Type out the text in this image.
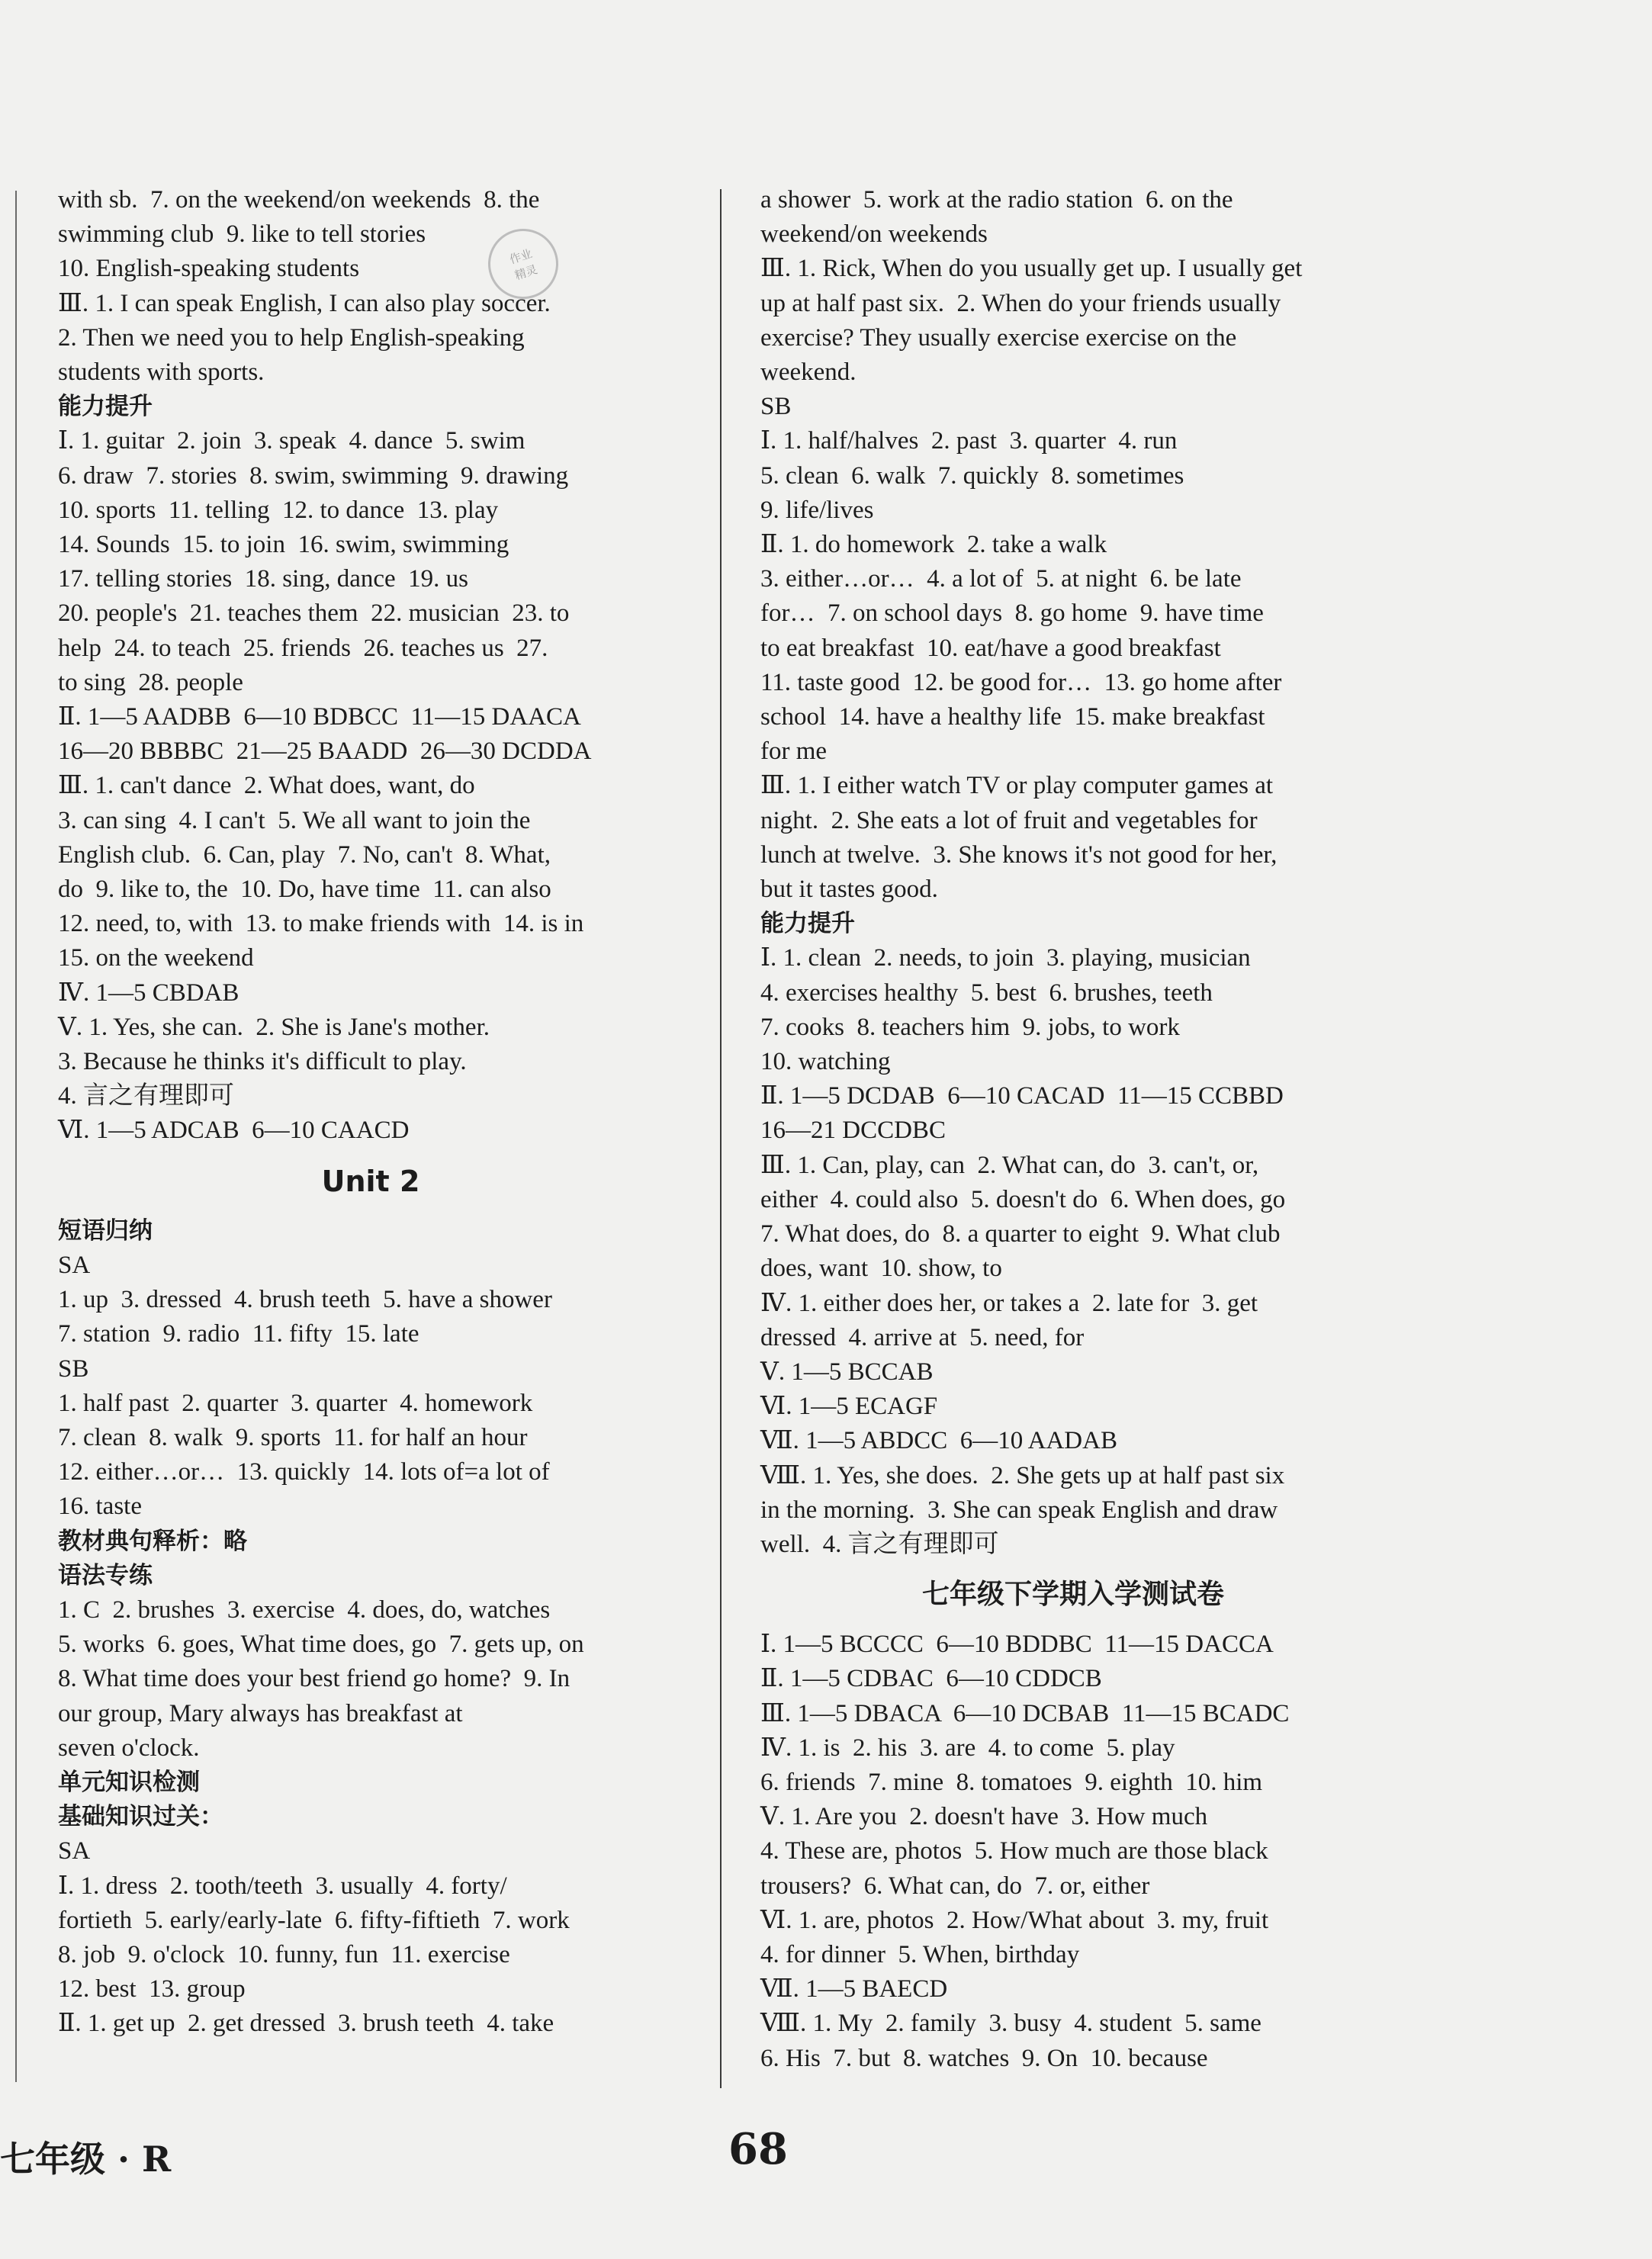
作业
精灵
with sb.  7. on the weekend/on weekends  8. the
swimming club  9. like to tell stories
10. English-speaking students
Ⅲ. 1. I can speak English, I can also play soccer.
2. Then we need you to help English-speaking
students with sports.
能力提升
Ⅰ. 1. guitar  2. join  3. speak  4. dance  5. swim
6. draw  7. stories  8. swim, swimming  9. drawing
10. sports  11. telling  12. to dance  13. play
14. Sounds  15. to join  16. swim, swimming
17. telling stories  18. sing, dance  19. us
20. people's  21. teaches them  22. musician  23. to
help  24. to teach  25. friends  26. teaches us  27.
to sing  28. people
Ⅱ. 1—5 AADBB  6—10 BDBCC  11—15 DAACA
16—20 BBBBC  21—25 BAADD  26—30 DCDDA
Ⅲ. 1. can't dance  2. What does, want, do
3. can sing  4. I can't  5. We all want to join the
English club.  6. Can, play  7. No, can't  8. What,
do  9. like to, the  10. Do, have time  11. can also
12. need, to, with  13. to make friends with  14. is in
15. on the weekend
Ⅳ. 1—5 CBDAB
Ⅴ. 1. Yes, she can.  2. She is Jane's mother.
3. Because he thinks it's difficult to play.
4. 言之有理即可
Ⅵ. 1—5 ADCAB  6—10 CAACD
Unit 2
短语归纳
SA
1. up  3. dressed  4. brush teeth  5. have a shower
7. station  9. radio  11. fifty  15. late
SB
1. half past  2. quarter  3. quarter  4. homework
7. clean  8. walk  9. sports  11. for half an hour
12. either…or…  13. quickly  14. lots of=a lot of
16. taste
教材典句释析：略
语法专练
1. C  2. brushes  3. exercise  4. does, do, watches
5. works  6. goes, What time does, go  7. gets up, on
8. What time does your best friend go home?  9. In
our group, Mary always has breakfast at
seven o'clock.
单元知识检测
基础知识过关：
SA
Ⅰ. 1. dress  2. tooth/teeth  3. usually  4. forty/
fortieth  5. early/early-late  6. fifty-fiftieth  7. work
8. job  9. o'clock  10. funny, fun  11. exercise
12. best  13. group
Ⅱ. 1. get up  2. get dressed  3. brush teeth  4. take
a shower  5. work at the radio station  6. on the
weekend/on weekends
Ⅲ. 1. Rick, When do you usually get up. I usually get
up at half past six.  2. When do your friends usually
exercise? They usually exercise exercise on the
weekend.
SB
Ⅰ. 1. half/halves  2. past  3. quarter  4. run
5. clean  6. walk  7. quickly  8. sometimes
9. life/lives
Ⅱ. 1. do homework  2. take a walk
3. either…or…  4. a lot of  5. at night  6. be late
for…  7. on school days  8. go home  9. have time
to eat breakfast  10. eat/have a good breakfast
11. taste good  12. be good for…  13. go home after
school  14. have a healthy life  15. make breakfast
for me
Ⅲ. 1. I either watch TV or play computer games at
night.  2. She eats a lot of fruit and vegetables for
lunch at twelve.  3. She knows it's not good for her,
but it tastes good.
能力提升
Ⅰ. 1. clean  2. needs, to join  3. playing, musician
4. exercises healthy  5. best  6. brushes, teeth
7. cooks  8. teachers him  9. jobs, to work
10. watching
Ⅱ. 1—5 DCDAB  6—10 CACAD  11—15 CCBBD
16—21 DCCDBC
Ⅲ. 1. Can, play, can  2. What can, do  3. can't, or,
either  4. could also  5. doesn't do  6. When does, go
7. What does, do  8. a quarter to eight  9. What club
does, want  10. show, to
Ⅳ. 1. either does her, or takes a  2. late for  3. get
dressed  4. arrive at  5. need, for
Ⅴ. 1—5 BCCAB
Ⅵ. 1—5 ECAGF
Ⅶ. 1—5 ABDCC  6—10 AADAB
Ⅷ. 1. Yes, she does.  2. She gets up at half past six
in the morning.  3. She can speak English and draw
well.  4. 言之有理即可
七年级下学期入学测试卷
Ⅰ. 1—5 BCCCC  6—10 BDDBC  11—15 DACCA
Ⅱ. 1—5 CDBAC  6—10 CDDCB
Ⅲ. 1—5 DBACA  6—10 DCBAB  11—15 BCADC
Ⅳ. 1. is  2. his  3. are  4. to come  5. play
6. friends  7. mine  8. tomatoes  9. eighth  10. him
Ⅴ. 1. Are you  2. doesn't have  3. How much
4. These are, photos  5. How much are those black
trousers?  6. What can, do  7. or, either
Ⅵ. 1. are, photos  2. How/What about  3. my, fruit
4. for dinner  5. When, birthday
Ⅶ. 1—5 BAECD
Ⅷ. 1. My  2. family  3. busy  4. student  5. same
6. His  7. but  8. watches  9. On  10. because
七年级 · R	68
